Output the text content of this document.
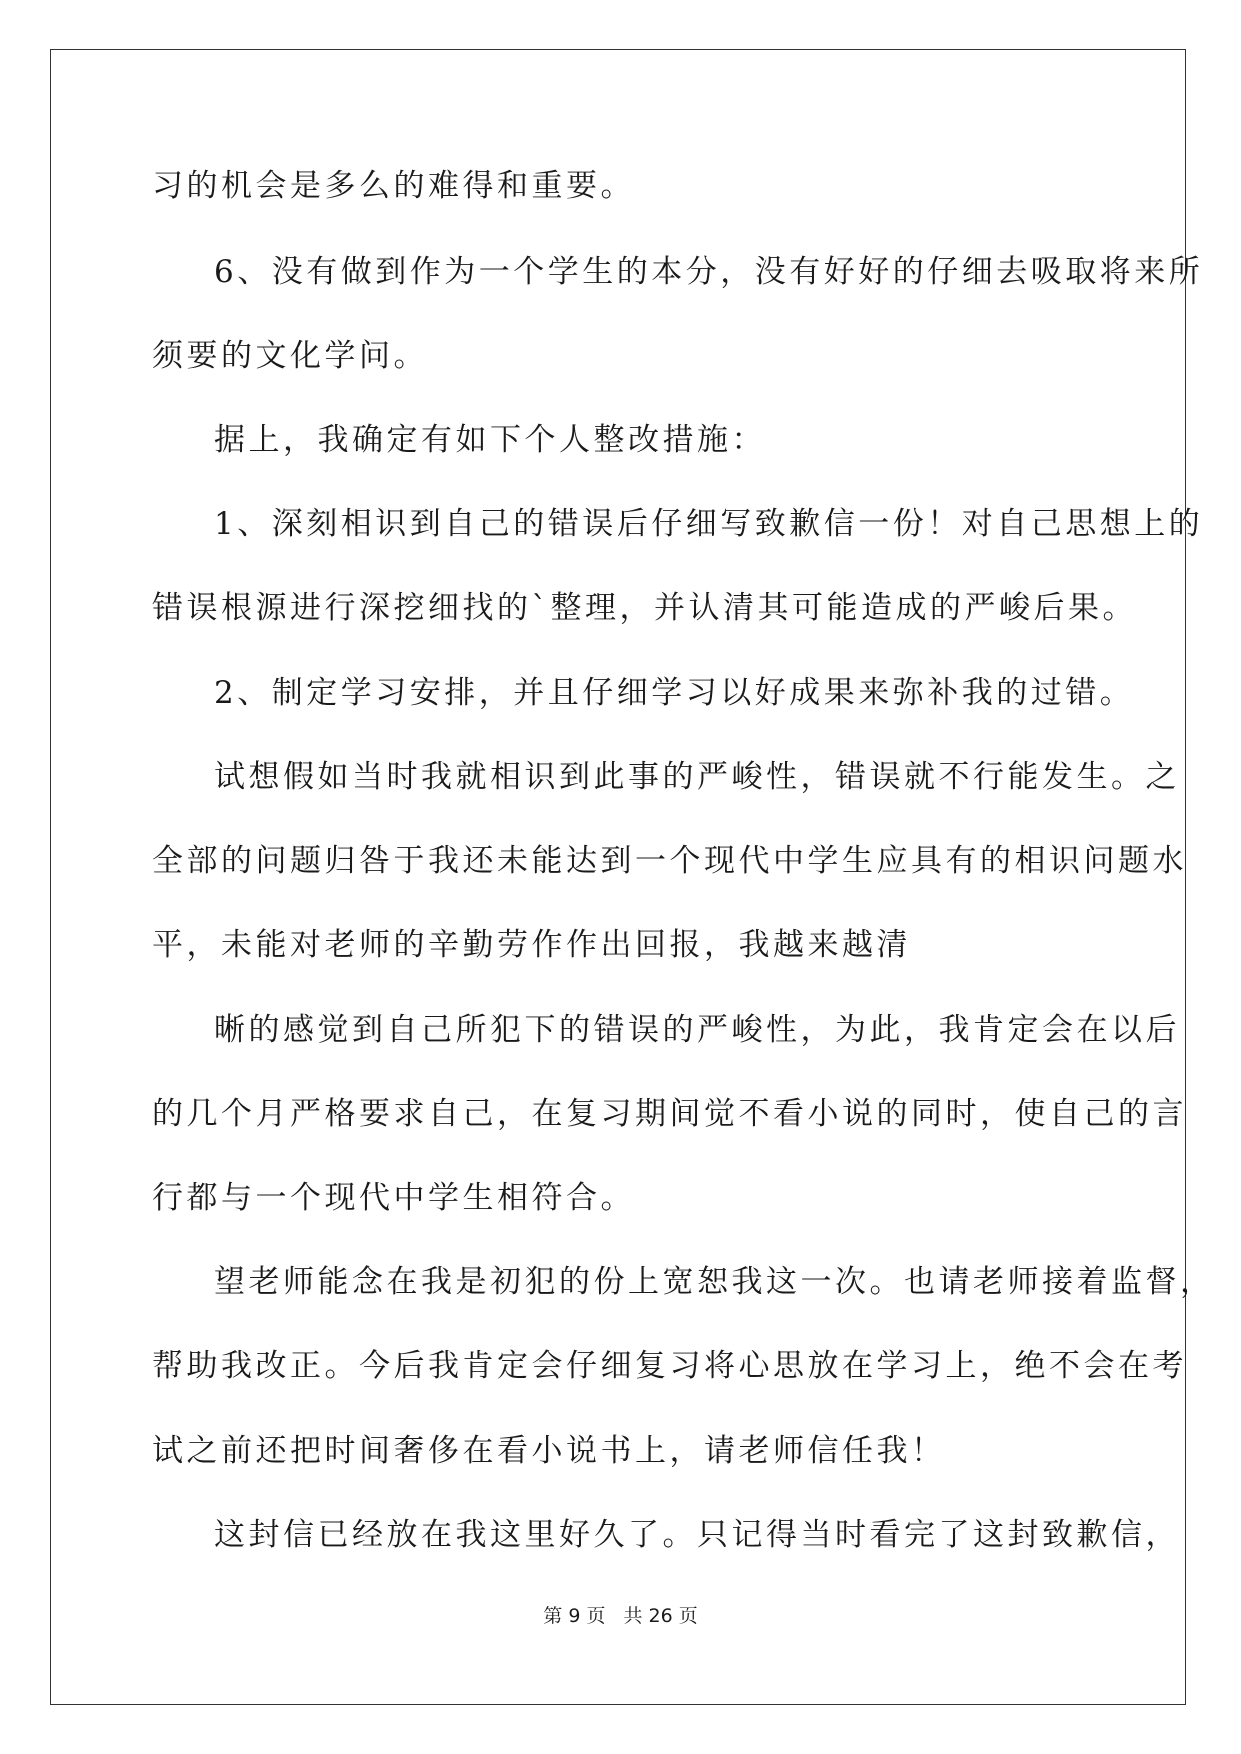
习的机会是多么的难得和重要。
6、没有做到作为一个学生的本分，没有好好的仔细去吸取将来所
须要的文化学问。
据上，我确定有如下个人整改措施：
1、深刻相识到自己的错误后仔细写致歉信一份！对自己思想上的
错误根源进行深挖细找的`整理，并认清其可能造成的严峻后果。
2、制定学习安排，并且仔细学习以好成果来弥补我的过错。
试想假如当时我就相识到此事的严峻性，错误就不行能发生。之
全部的问题归咎于我还未能达到一个现代中学生应具有的相识问题水
平，未能对老师的辛勤劳作作出回报，我越来越清
晰的感觉到自己所犯下的错误的严峻性，为此，我肯定会在以后
的几个月严格要求自己，在复习期间觉不看小说的同时，使自己的言
行都与一个现代中学生相符合。
望老师能念在我是初犯的份上宽恕我这一次。也请老师接着监督，
帮助我改正。今后我肯定会仔细复习将心思放在学习上，绝不会在考
试之前还把时间奢侈在看小说书上，请老师信任我！
这封信已经放在我这里好久了。只记得当时看完了这封致歉信，
第 9 页 共 26 页
